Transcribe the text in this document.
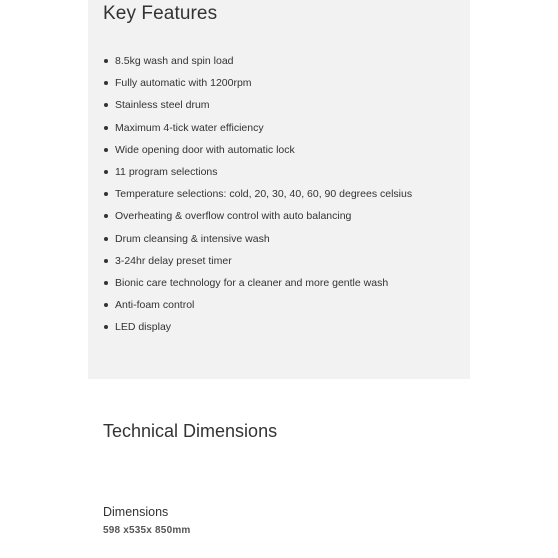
Key Features
8.5kg wash and spin load
Fully automatic with 1200rpm
Stainless steel drum
Maximum 4-tick water efficiency
Wide opening door with automatic lock
11 program selections
Temperature selections: cold, 20, 30, 40, 60, 90 degrees celsius
Overheating & overflow control with auto balancing
Drum cleansing & intensive wash
3-24hr delay preset timer
Bionic care technology for a cleaner and more gentle wash
Anti-foam control
LED display
Technical Dimensions
Dimensions
598 x535x 850mm
